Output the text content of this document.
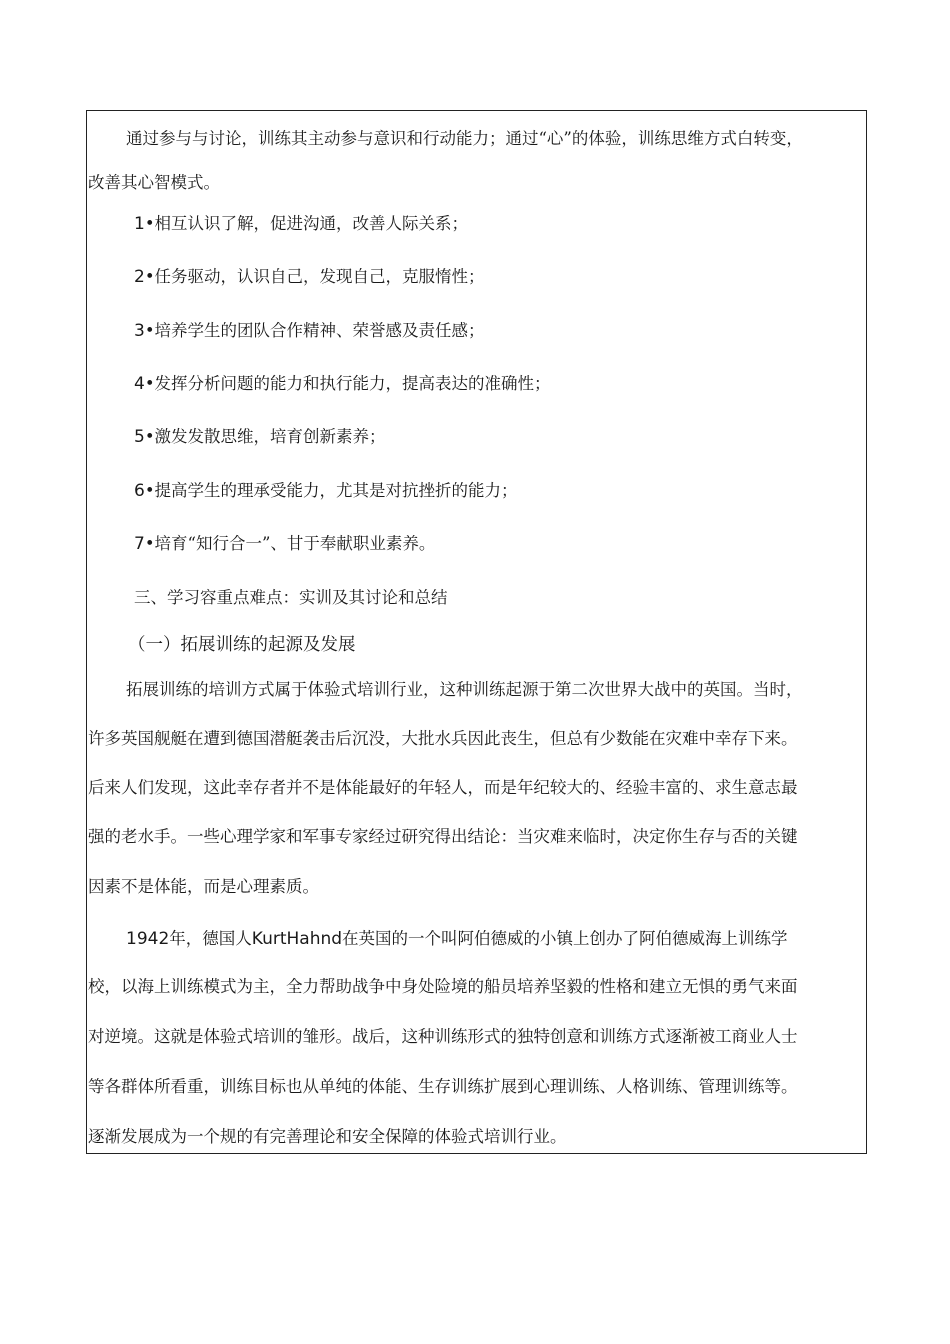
通过参与与讨论，训练其主动参与意识和行动能力；通过“心”的体验，训练思维方式白转变，
改善其心智模式。
1•相互认识了解，促进沟通，改善人际关系；
2•任务驱动，认识自己，发现自己，克服惰性；
3•培养学生的团队合作精神、荣誉感及责任感；
4•发挥分析问题的能力和执行能力，提高表达的准确性；
5•激发发散思维，培育创新素养；
6•提高学生的理承受能力，尤其是对抗挫折的能力；
7•培育“知行合一”、甘于奉献职业素养。
三、学习容重点难点：实训及其讨论和总结
（一）拓展训练的起源及发展
拓展训练的培训方式属于体验式培训行业，这种训练起源于第二次世界大战中的英国。当时，
许多英国舰艇在遭到德国潜艇袭击后沉没，大批水兵因此丧生，但总有少数能在灾难中幸存下来。
后来人们发现，这此幸存者并不是体能最好的年轻人，而是年纪较大的、经验丰富的、求生意志最
强的老水手。一些心理学家和军事专家经过研究得出结论：当灾难来临时，决定你生存与否的关键
因素不是体能，而是心理素质。
1942年，德国人KurtHahnd在英国的一个叫阿伯德威的小镇上创办了阿伯德威海上训练学
校，以海上训练模式为主，全力帮助战争中身处险境的船员培养坚毅的性格和建立无惧的勇气来面
对逆境。这就是体验式培训的雏形。战后，这种训练形式的独特创意和训练方式逐渐被工商业人士
等各群体所看重，训练目标也从单纯的体能、生存训练扩展到心理训练、人格训练、管理训练等。
逐渐发展成为一个规的有完善理论和安全保障的体验式培训行业。
